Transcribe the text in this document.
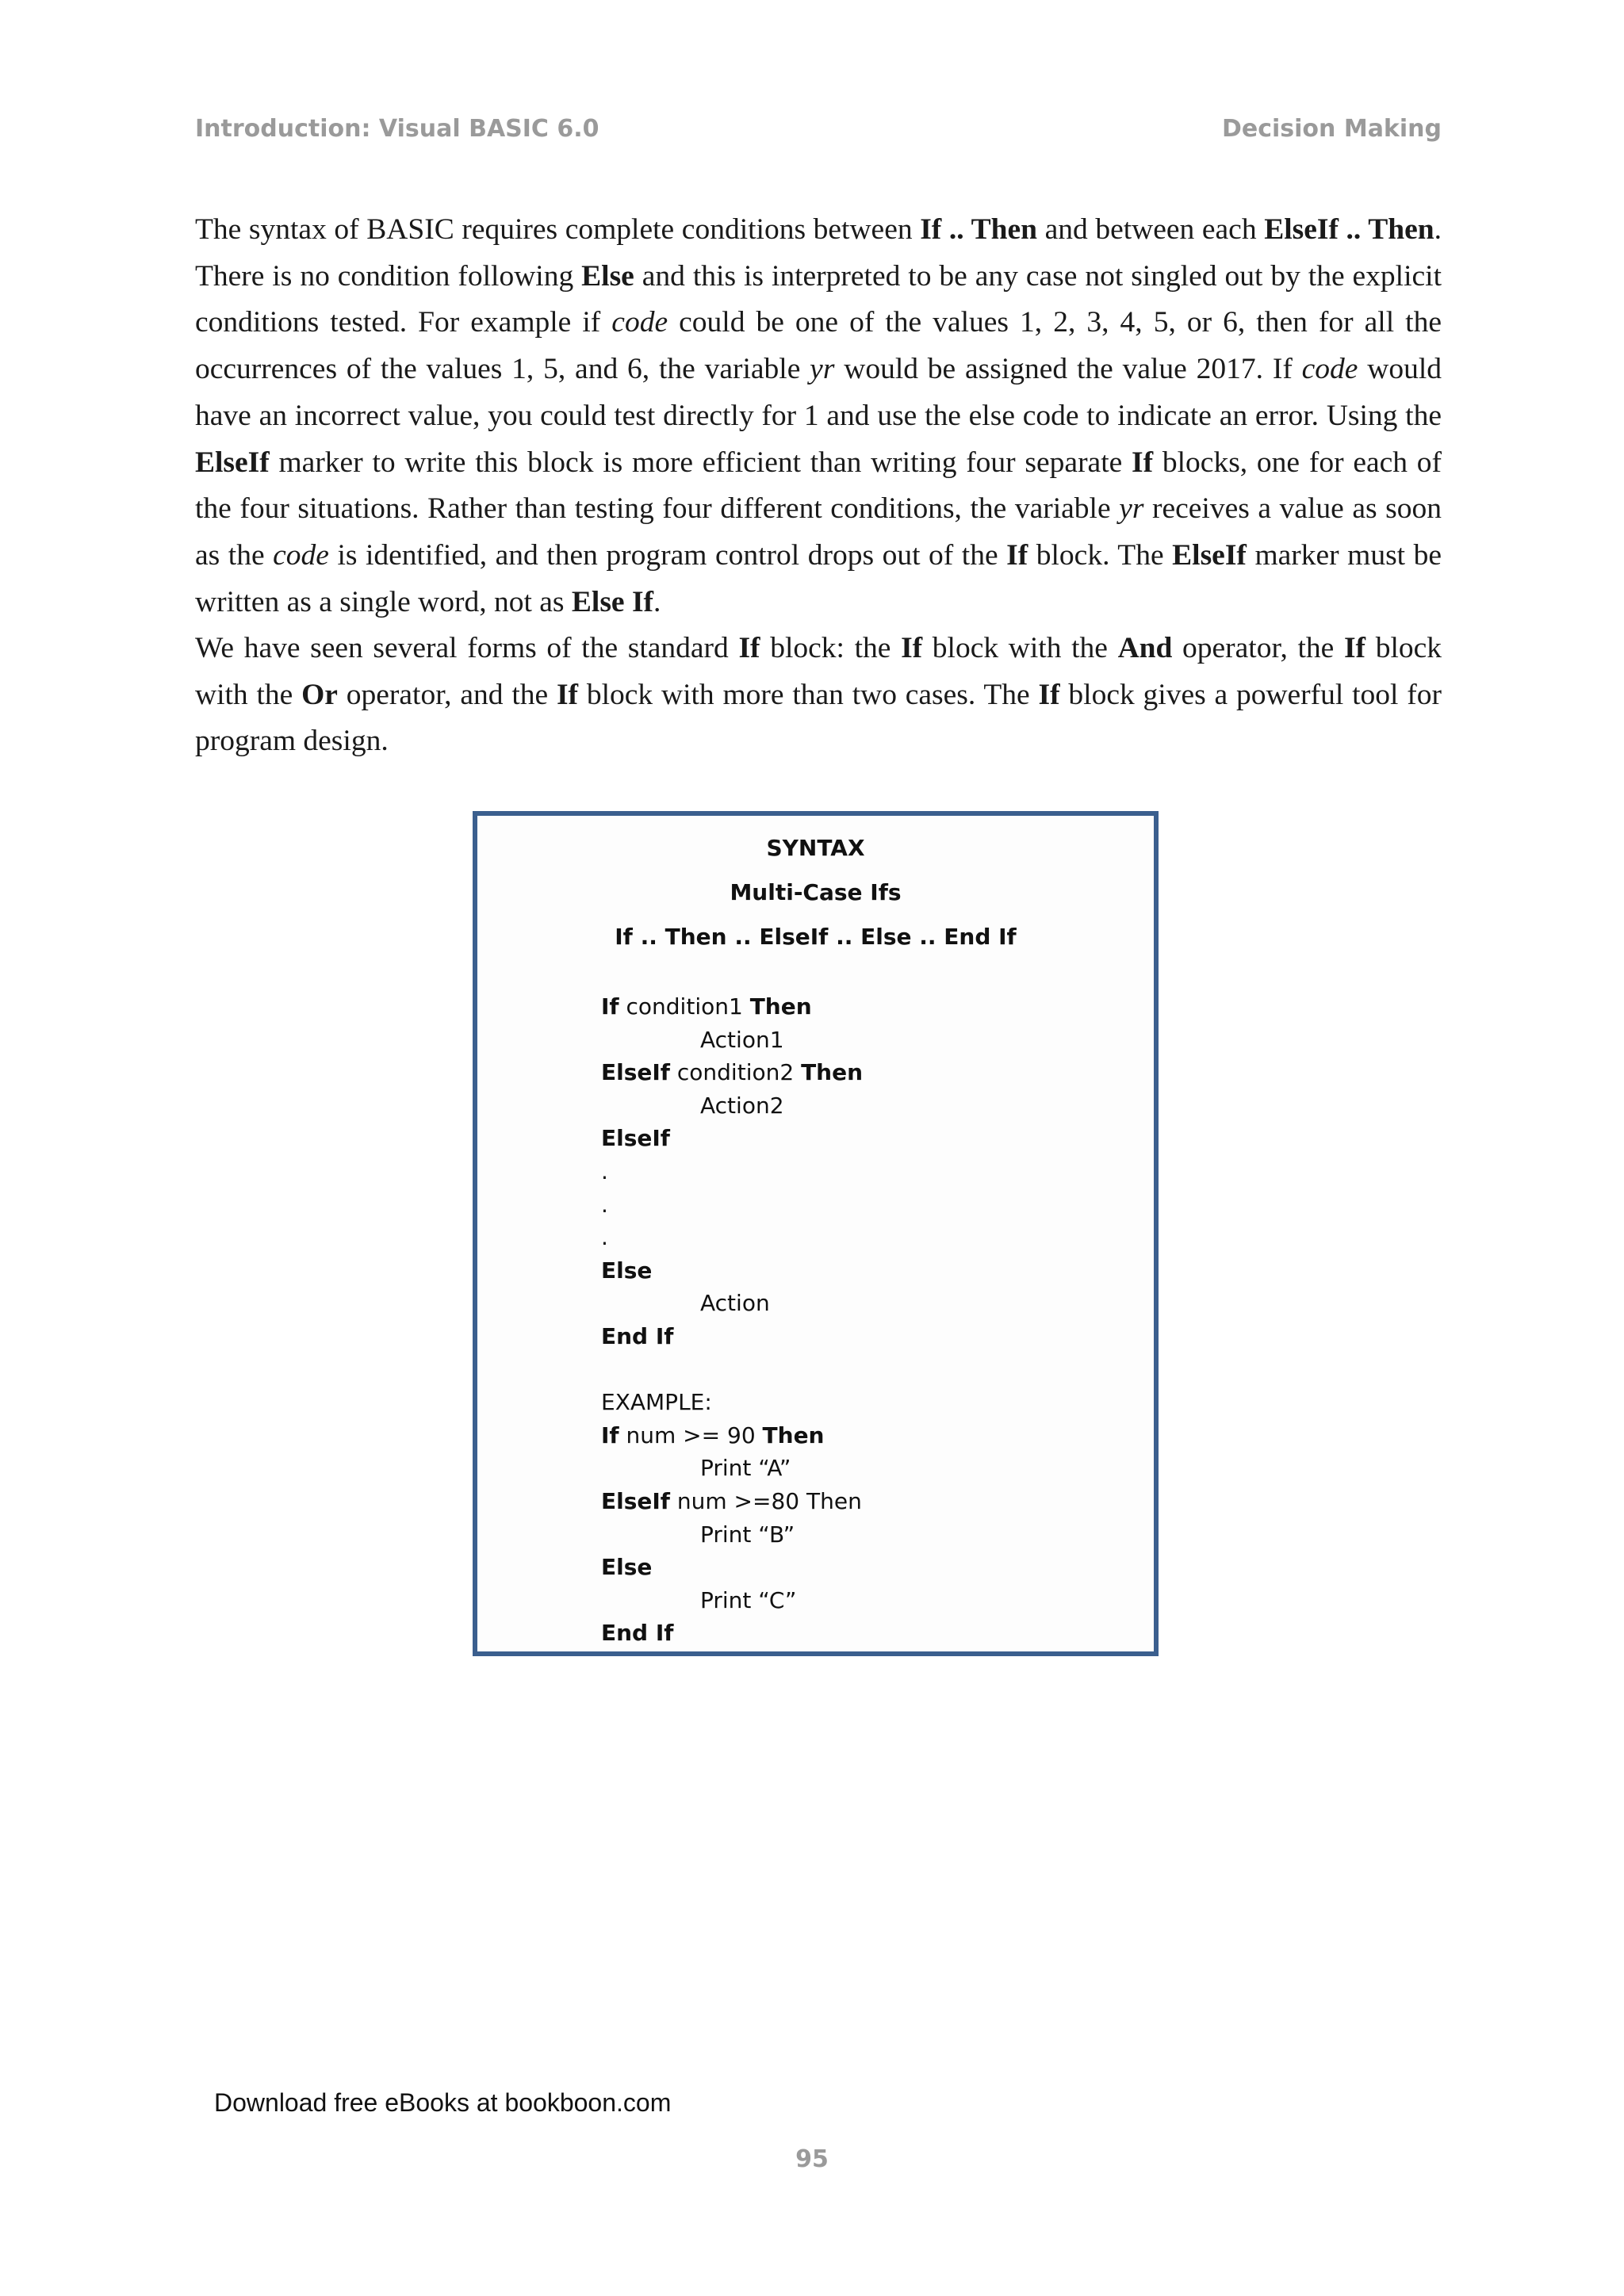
Introduction: Visual BASIC 6.0	Decision Making

The syntax of BASIC requires complete conditions between If .. Then and between each ElseIf .. Then. There is no condition following Else and this is interpreted to be any case not singled out by the explicit conditions tested. For example if code could be one of the values 1, 2, 3, 4, 5, or 6, then for all the occurrences of the values 1, 5, and 6, the variable yr would be assigned the value 2017. If code would have an incorrect value, you could test directly for 1 and use the else code to indicate an error. Using the ElseIf marker to write this block is more efficient than writing four separate If blocks, one for each of the four situations. Rather than testing four different conditions, the variable yr receives a value as soon as the code is identified, and then program control drops out of the If block. The ElseIf marker must be written as a single word, not as Else If.

We have seen several forms of the standard If block: the If block with the And operator, the If block with the Or operator, and the If block with more than two cases. The If block gives a powerful tool for program design.

SYNTAX

Multi-Case Ifs

If .. Then .. ElseIf .. Else .. End If

If condition1 Then
Action1
ElseIf condition2 Then
Action2
ElseIf
.
.
.
Else
Action
End If
EXAMPLE:
If num >= 90 Then
Print “A”
ElseIf num >=80 Then
Print “B”
Else
Print “C”
End If
Download free eBooks at bookboon.com
95
